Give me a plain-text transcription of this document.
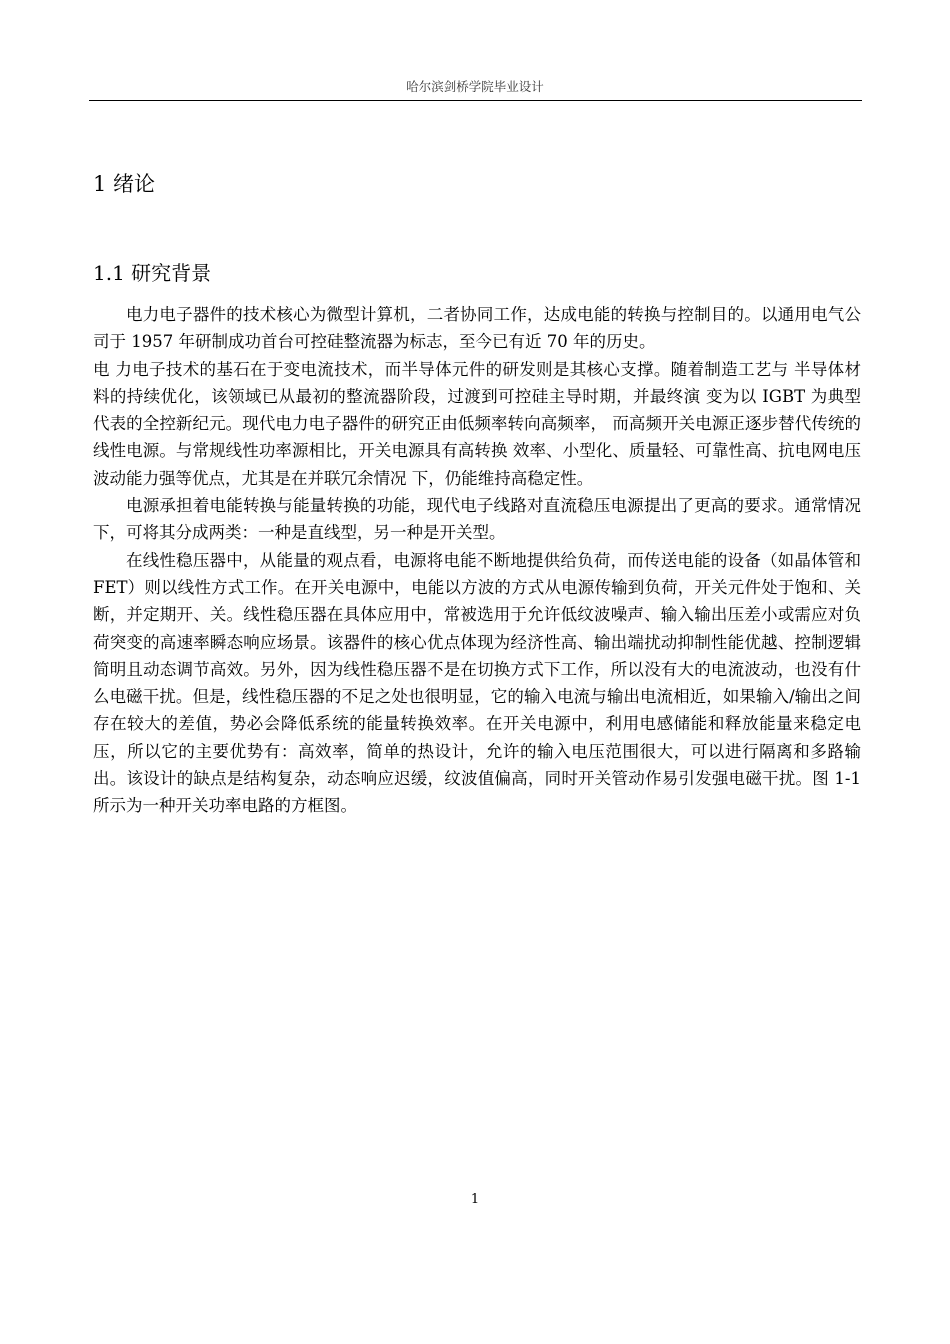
哈尔滨剑桥学院毕业设计
1 绪论
1.1 研究背景

电力电子器件的技术核心为微型计算机，二者协同工作，达成电能的转换与控制目的。以通用电气公司于 1957 年研制成功首台可控硅整流器为标志，至今已有近 70 年的历史。
电 力电子技术的基石在于变电流技术，而半导体元件的研发则是其核心支撑。随着制造工艺与 半导体材料的持续优化，该领域已从最初的整流器阶段，过渡到可控硅主导时期，并最终演 变为以 IGBT 为典型代表的全控新纪元。现代电力电子器件的研究正由低频率转向高频率， 而高频开关电源正逐步替代传统的线性电源。与常规线性功率源相比，开关电源具有高转换 效率、小型化、质量轻、可靠性高、抗电网电压波动能力强等优点，尤其是在并联冗余情况 下，仍能维持高稳定性。

电源承担着电能转换与能量转换的功能，现代电子线路对直流稳压电源提出了更高的要求。通常情况下，可将其分成两类：一种是直线型，另一种是开关型。

在线性稳压器中，从能量的观点看，电源将电能不断地提供给负荷，而传送电能的设备（如晶体管和 FET）则以线性方式工作。在开关电源中，电能以方波的方式从电源传输到负荷，开关元件处于饱和、关断，并定期开、关。线性稳压器在具体应用中，常被选用于允许低纹波噪声、输入输出压差小或需应对负荷突变的高速率瞬态响应场景。该器件的核心优点体现为经济性高、输出端扰动抑制性能优越、控制逻辑简明且动态调节高效。另外，因为线性稳压器不是在切换方式下工作，所以没有大的电流波动，也没有什么电磁干扰。但是，线性稳压器的不足之处也很明显，它的输入电流与输出电流相近，如果输入/输出之间存在较大的差值，势必会降低系统的能量转换效率。在开关电源中，利用电感储能和释放能量来稳定电压，所以它的主要优势有：高效率，简单的热设计，允许的输入电压范围很大，可以进行隔离和多路输出。该设计的缺点是结构复杂，动态响应迟缓，纹波值偏高，同时开关管动作易引发强电磁干扰。图 1-1 所示为一种开关功率电路的方框图。

1
